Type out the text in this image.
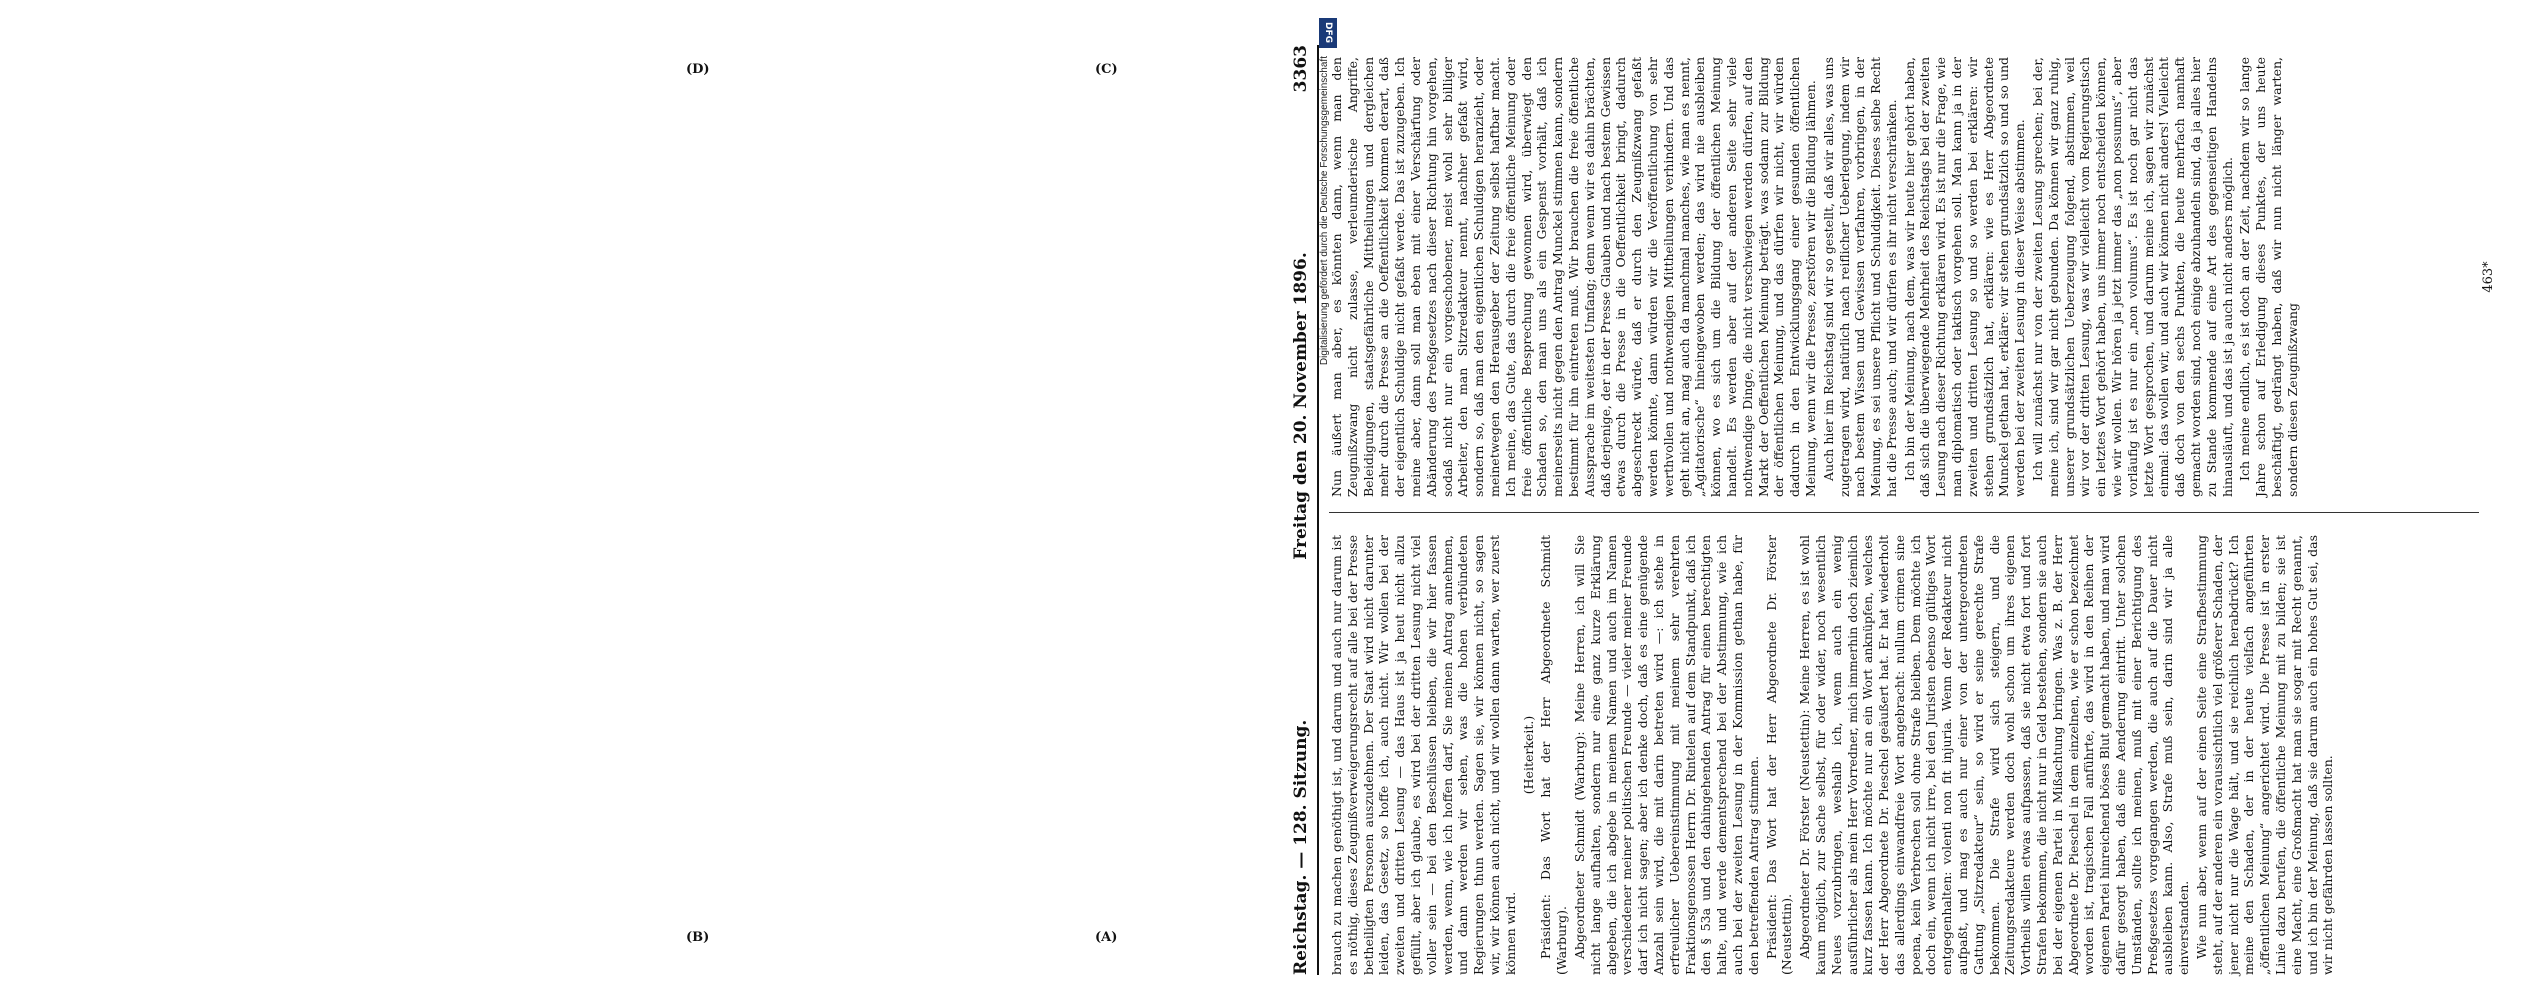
Reichstag. — 128. Sitzung.
Freitag den 20. November 1896.
3363

brauch zu machen genöthigt ist, und darum und auch nur darum ist es nöthig, dieses Zeugnißverweigerungsrecht auf alle bei der Presse betheiligten Personen auszudehnen. Der Staat wird nicht darunter leiden, das Gesetz, so hoffe ich, auch nicht. Wir wollen bei der zweiten und dritten Lesung — das Haus ist ja heut nicht allzu gefüllt, aber ich glaube, es wird bei der dritten Lesung nicht viel voller sein — bei den Beschlüssen bleiben, die wir hier fassen werden, wenn, wie ich hoffen darf, Sie meinen Antrag annehmen, und dann werden wir sehen, was die hohen verbündeten Regierungen thun werden. Sagen sie, wir können nicht, so sagen wir, wir können auch nicht, und wir wollen dann warten, wer zuerst können wird.

(Heiterkeit.) Präsident: Das Wort hat der Herr Abgeordnete Schmidt (Warburg). Abgeordneter Schmidt (Warburg): Meine Herren, ich will Sie nicht lange aufhalten, sondern nur eine ganz kurze Erklärung abgeben, die ich abgebe in meinem Namen und auch im Namen verschiedener meiner politischen Freunde — vieler meiner Freunde darf ich nicht sagen; aber ich denke doch, daß es eine genügende Anzahl sein wird, die mit darin betreten wird —: ich stehe in erfreulicher Uebereinstimmung mit meinem sehr verehrten Fraktionsgenossen Herrn Dr. Rintelen auf dem Standpunkt, daß ich den § 53a und den dahingehenden Antrag für einen berechtigten halte, und werde dementsprechend bei der Abstimmung, wie ich auch bei der zweiten Lesung in der Kommission gethan habe, für den betreffenden Antrag stimmen. Präsident: Das Wort hat der Herr Abgeordnete Dr. Förster (Neustettin). Abgeordneter Dr. Förster (Neustettin): Meine Herren, es ist wohl kaum möglich, zur Sache selbst, für oder wider, noch wesentlich Neues vorzubringen, weshalb ich, wenn auch ein wenig ausführlicher als mein Herr Vorredner, mich immerhin doch ziemlich kurz fassen kann. Ich möchte nur an ein Wort anknüpfen, welches der Herr Abgeordnete Dr. Pieschel geäußert hat. Er hat wiederholt das allerdings einwandfreie Wort angebracht: nullum crimen sine poena, kein Verbrechen soll ohne Strafe bleiben. Dem möchte ich doch ein, wenn ich nicht irre, bei den Juristen ebenso gültiges Wort entgegenhalten: volenti non fit injuria. Wenn der Redakteur nicht aufpaßt, und mag es auch nur einer von der untergeordneten Gattung „Sitzredakteur“ sein, so wird er seine gerechte Strafe bekommen. Die Strafe wird sich steigern, und die Zeitungsredakteure werden doch wohl schon um ihres eigenen Vortheils willen etwas aufpassen, daß sie nicht etwa fort und fort Strafen bekommen, die nicht nur in Geld bestehen, sondern sie auch bei der eigenen Partei in Mißachtung bringen. Was z. B. der Herr Abgeordnete Dr. Pieschel in dem einzelnen, wie er schon bezeichnet worden ist, tragischen Fall anführte, das wird in den Reihen der eigenen Partei hinreichend böses Blut gemacht haben, und man wird dafür gesorgt haben, daß eine Aenderung eintritt. Unter solchen Umständen, sollte ich meinen, muß mit einer Berichtigung des Preßgesetzes vorgegangen werden, die auch auf die Dauer nicht ausbleiben kann. Also, Strafe muß sein, darin sind wir ja alle einverstanden. Wie nun aber, wenn auf der einen Seite eine Strafbestimmung steht, auf der anderen ein voraussichtlich viel größerer Schaden, der jener nicht nur die Wage hält, und sie reichlich herabdrückt? Ich meine den Schaden, der in der heute vielfach angeführten „öffentlichen Meinung“ angerichtet wird. Die Presse ist in erster Linie dazu berufen, die öffentliche Meinung mit zu bilden; sie ist eine Macht, eine Großmacht hat man sie sogar mit Recht genannt, und ich bin der Meinung, daß sie darum auch ein hohes Gut sei, das wir nicht gefährden lassen sollten.

Nun äußert man aber, es könnten dann, wenn man den Zeugnißzwang nicht zulasse, verleumderische Angriffe, Beleidigungen, staatsgefährliche Mittheilungen und dergleichen mehr durch die Presse an die Oeffentlichkeit kommen derart, daß der eigentlich Schuldige nicht gefaßt werde. Das ist zuzugeben. Ich meine aber, dann soll man eben mit einer Verschärfung oder Abänderung des Preßgesetzes nach dieser Richtung hin vorgehen, sodaß nicht nur ein vorgeschobener, meist wohl sehr billiger Arbeiter, den man Sitzredakteur nennt, nachher gefaßt wird, sondern so, daß man den eigentlichen Schuldigen heranzieht, oder meinetwegen den Herausgeber der Zeitung selbst haftbar macht. Ich meine, das Gute, das durch die freie öffentliche Meinung oder freie öffentliche Besprechung gewonnen wird, überwiegt den Schaden so, den man uns als ein Gespenst vorhält, daß ich meinerseits nicht gegen den Antrag Munckel stimmen kann, sondern bestimmt für ihn eintreten muß. Wir brauchen die freie öffentliche Aussprache im weitesten Umfang; denn wenn wir es dahin brächten, daß derjenige, der in der Presse Glauben und nach bestem Gewissen etwas durch die Presse in die Oeffentlichkeit bringt, dadurch abgeschreckt würde, daß er durch den Zeugnißzwang gefaßt werden könnte, dann würden wir die Veröffentlichung von sehr werthvollen und nothwendigen Mittheilungen verhindern. Und das geht nicht an, mag auch da manchmal manches, wie man es nennt, „Agitatorische“ hineingewoben werden; das wird nie ausbleiben können, wo es sich um die Bildung der öffentlichen Meinung handelt. Es werden aber auf der anderen Seite sehr viele nothwendige Dinge, die nicht verschwiegen werden dürfen, auf den Markt der Oeffentlichen Meinung beträgt. was sodann zur Bildung der öffentlichen Meinung, und das dürfen wir nicht, wir würden dadurch in den Entwicklungsgang einer gesunden öffentlichen Meinung, wenn wir die Presse, zerstören wir die Bildung lähmen. Auch hier im Reichstag sind wir so gestellt, daß wir alles, was uns zugetragen wird, natürlich nach reiflicher Ueberlegung, indem wir nach bestem Wissen und Gewissen verfahren, vorbringen, in der Meinung, es sei unsere Pflicht und Schuldigkeit. Dieses selbe Recht hat die Presse auch; und wir dürfen es ihr nicht verschränken. Ich bin der Meinung, nach dem, was wir heute hier gehört haben, daß sich die überwiegende Mehrheit des Reichstags bei der zweiten Lesung nach dieser Richtung erklären wird. Es ist nur die Frage, wie man diplomatisch oder taktisch vorgehen soll. Man kann ja in der zweiten und dritten Lesung so und so werden bei erklären: wir stehen grundsätzlich hat, erklären: wie es Herr Abgeordnete Munckel gethan hat, erkläre: wir stehen grundsätzlich so und so und werden bei der zweiten Lesung in dieser Weise abstimmen. Ich will zunächst nur von der zweiten Lesung sprechen; bei der, meine ich, sind wir gar nicht gebunden. Da können wir ganz ruhig, unserer grundsätzlichen Ueberzeugung folgend, abstimmen, weil wir vor der dritten Lesung, was wir vielleicht vom Regierungstisch ein letztes Wort gehört haben, uns immer noch entscheiden können, wie wir wollen. Wir hören ja jetzt immer das „non possumus“, aber vorläufig ist es nur ein „non volumus“. Es ist noch gar nicht das letzte Wort gesprochen, und darum meine ich, sagen wir zunächst einmal: das wollen wir, und auch wir können nicht anders! Vielleicht daß doch von den sechs Punkten, die heute mehrfach namhaft gemacht worden sind, noch einige abzuhandeln sind, da ja alles hier zu Stande kommende auf eine Art des gegenseitigen Handelns hinausläuft, und das ist ja auch nicht anders möglich. Ich meine endlich, es ist doch an der Zeit, nachdem wir so lange Jahre schon auf Erledigung dieses Punktes, der uns heute beschäftigt, gedrängt haben, daß wir nun nicht länger warten, sondern diesen Zeugnißzwang

463*
(A)
(B)
(C)
(D)
DFG
Digitalisierung gefördert durch die Deutsche Forschungsgemeinschaft
